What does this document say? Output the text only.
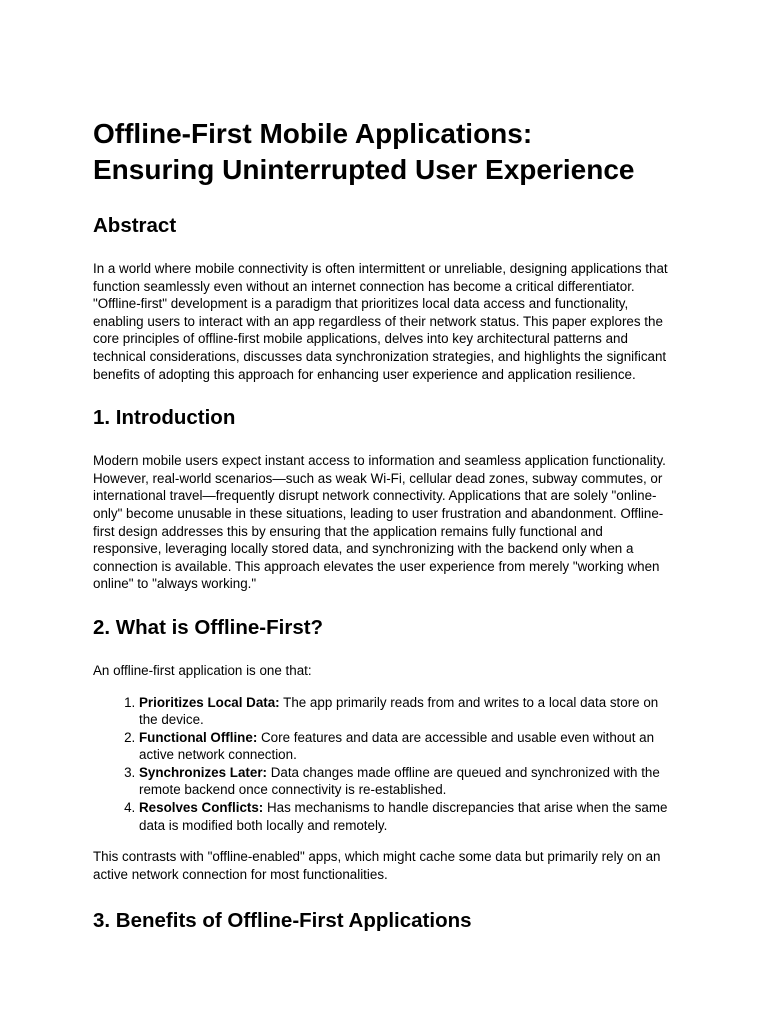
Offline-First Mobile Applications:
Ensuring Uninterrupted User Experience
Abstract

In a world where mobile connectivity is often intermittent or unreliable, designing applications that function seamlessly even without an internet connection has become a critical differentiator. "Offline-first" development is a paradigm that prioritizes local data access and functionality, enabling users to interact with an app regardless of their network status. This paper explores the core principles of offline-first mobile applications, delves into key architectural patterns and technical considerations, discusses data synchronization strategies, and highlights the significant benefits of adopting this approach for enhancing user experience and application resilience.

1. Introduction

Modern mobile users expect instant access to information and seamless application functionality. However, real-world scenarios—such as weak Wi-Fi, cellular dead zones, subway commutes, or international travel—frequently disrupt network connectivity. Applications that are solely "online-only" become unusable in these situations, leading to user frustration and abandonment. Offline-first design addresses this by ensuring that the application remains fully functional and responsive, leveraging locally stored data, and synchronizing with the backend only when a connection is available. This approach elevates the user experience from merely "working when online" to "always working."

2. What is Offline-First?

An offline-first application is one that:

1. Prioritizes Local Data: The app primarily reads from and writes to a local data store on the device.
2. Functional Offline: Core features and data are accessible and usable even without an active network connection.
3. Synchronizes Later: Data changes made offline are queued and synchronized with the remote backend once connectivity is re-established.
4. Resolves Conflicts: Has mechanisms to handle discrepancies that arise when the same data is modified both locally and remotely.

This contrasts with "offline-enabled" apps, which might cache some data but primarily rely on an active network connection for most functionalities.

3. Benefits of Offline-First Applications
